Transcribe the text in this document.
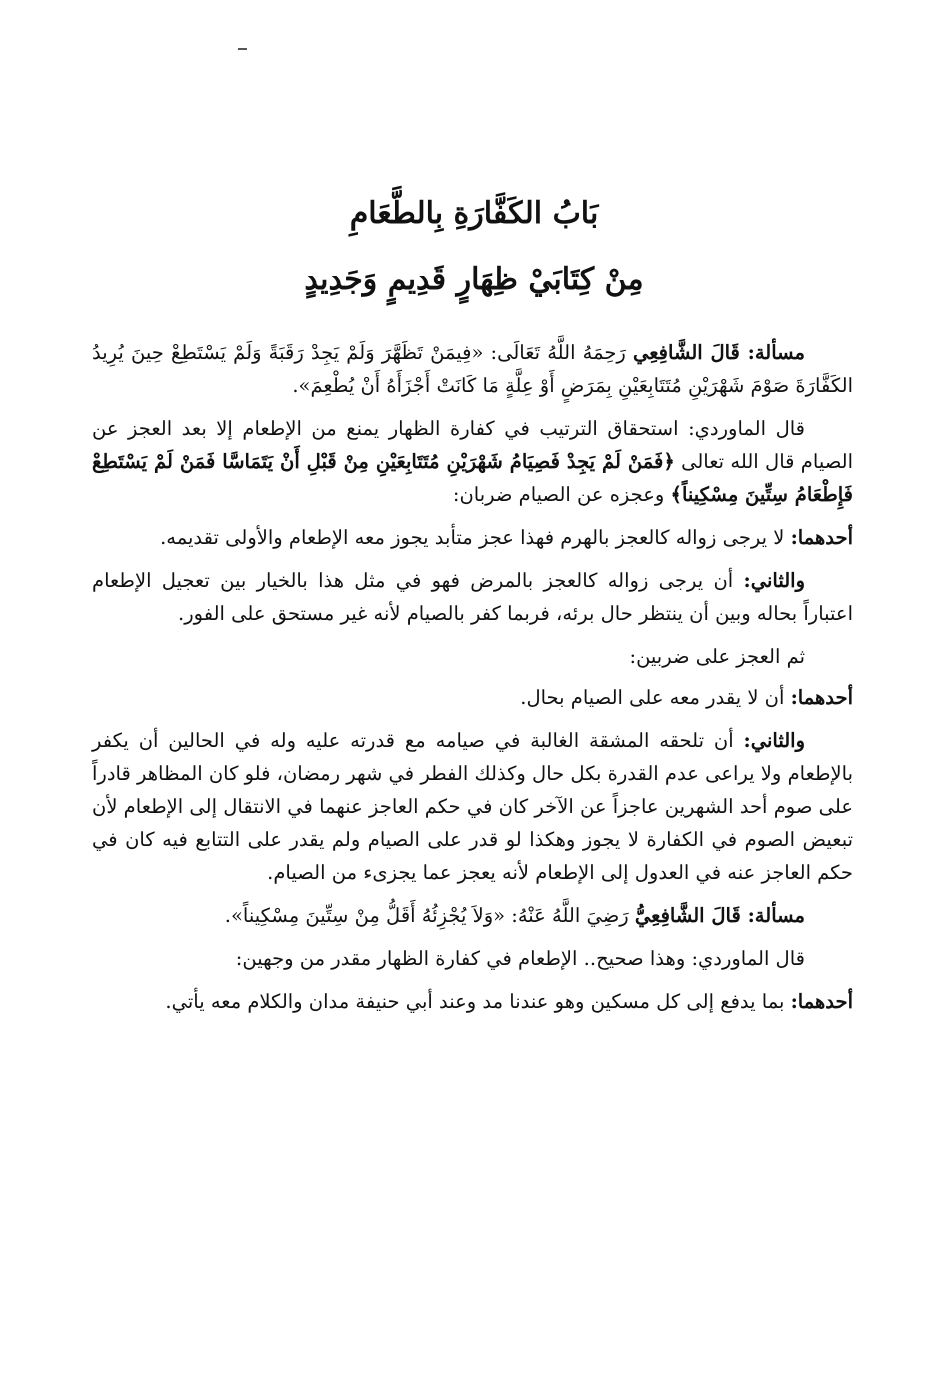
بَابُ الكَفَّارَةِ بِالطَّعَامِ

مِنْ كِتَابَيْ ظِهَارٍ قَدِيمٍ وَجَدِيدٍ

مسألة: قَالَ الشَّافِعِي رَحِمَهُ اللَّهُ تَعَالَى: «فِيمَنْ تَظَهَّرَ وَلَمْ يَجِدْ رَقَبَةً وَلَمْ يَسْتَطِعْ حِينَ يُرِيدُ الكَفَّارَةَ صَوْمَ شَهْرَيْنِ مُتَتَابِعَيْنِ بِمَرَضٍ أَوْ عِلَّةٍ مَا كَانَتْ أَجْزَأَهُ أَنْ يُطْعِمَ».

قال الماوردي: استحقاق الترتيب في كفارة الظهار يمنع من الإطعام إلا بعد العجز عن الصيام قال الله تعالى ﴿فَمَنْ لَمْ يَجِدْ فَصِيَامُ شَهْرَيْنِ مُتَتَابِعَيْنِ مِنْ قَبْلِ أَنْ يَتَمَاسَّا فَمَنْ لَمْ يَسْتَطِعْ فَإِطْعَامُ سِتِّينَ مِسْكِيناً﴾ وعجزه عن الصيام ضربان:

أحدهما: لا يرجى زواله كالعجز بالهرم فهذا عجز متأبد يجوز معه الإطعام والأولى تقديمه.

والثاني: أن يرجى زواله كالعجز بالمرض فهو في مثل هذا بالخيار بين تعجيل الإطعام اعتباراً بحاله وبين أن ينتظر حال برئه، فربما كفر بالصيام لأنه غير مستحق على الفور.

ثم العجز على ضربين:

أحدهما: أن لا يقدر معه على الصيام بحال.

والثاني: أن تلحقه المشقة الغالبة في صيامه مع قدرته عليه وله في الحالين أن يكفر بالإطعام ولا يراعى عدم القدرة بكل حال وكذلك الفطر في شهر رمضان، فلو كان المظاهر قادراً على صوم أحد الشهرين عاجزاً عن الآخر كان في حكم العاجز عنهما في الانتقال إلى الإطعام لأن تبعيض الصوم في الكفارة لا يجوز وهكذا لو قدر على الصيام ولم يقدر على التتابع فيه كان في حكم العاجز عنه في العدول إلى الإطعام لأنه يعجز عما يجزىء من الصيام.

مسألة: قَالَ الشَّافِعِيُّ رَضِيَ اللَّهُ عَنْهُ: «وَلاَ يُجْزِئُهُ أَقَلُّ مِنْ سِتِّينَ مِسْكِيناً».

قال الماوردي: وهذا صحيح.. الإطعام في كفارة الظهار مقدر من وجهين:

أحدهما: بما يدفع إلى كل مسكين وهو عندنا مد وعند أبي حنيفة مدان والكلام معه يأتي.
